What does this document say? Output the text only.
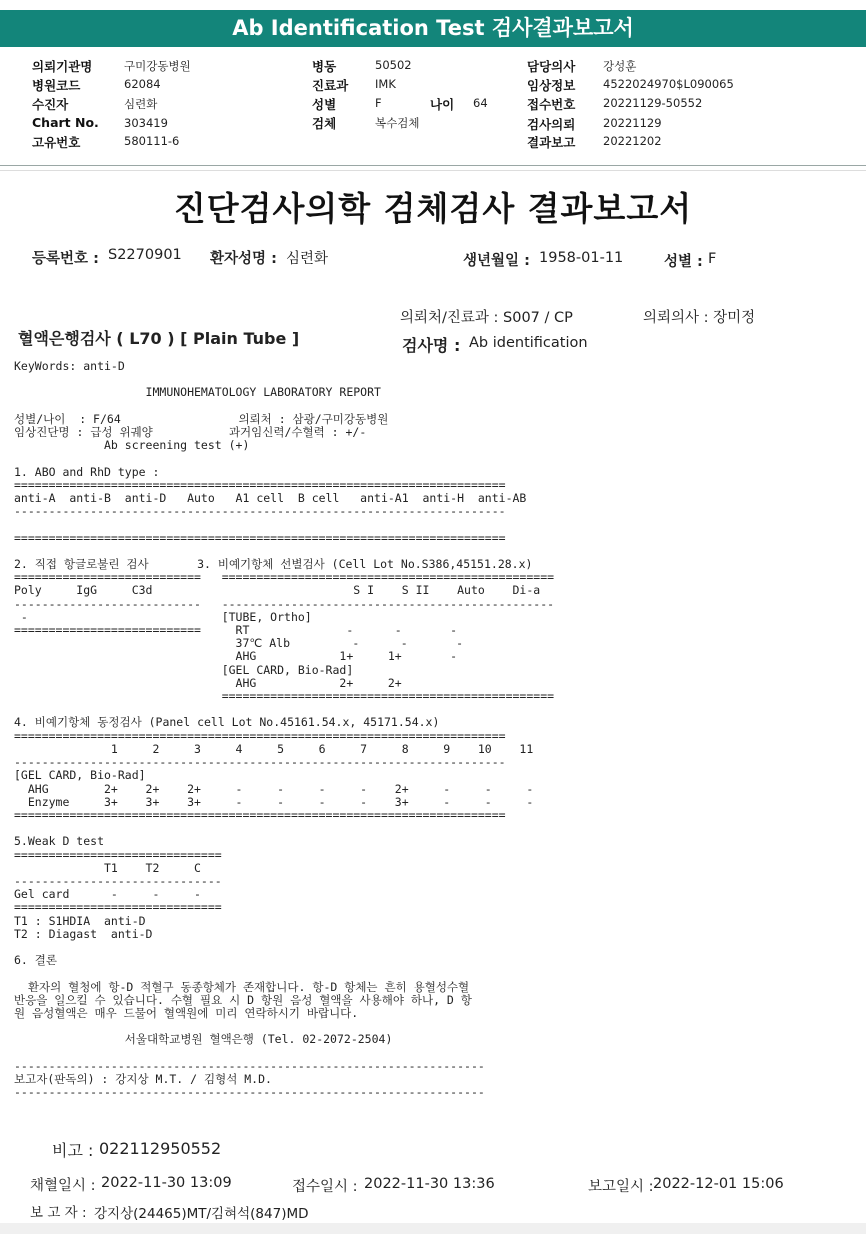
Ab Identification Test 검사결과보고서
의뢰기관명	구미강동병원
병원코드	62084
수진자	심련화
Chart No. 303419
고유번호	580111-6
병동	50502
진료과 IMK
성별	F	나이 64
검체	복수검체
담당의사 강성훈
임상정보 4522024970$L090065
접수번호 20221129-50552
검사의뢰 20221129
결과보고 20221202
진단검사의학 검체검사 결과보고서
등록번호 : S2270901 환자성명 : 심련화	생년월일 : 1958-01-11	성별 : F
의뢰처/진료과 : S007 / CP	의뢰의사 : 장미정
혈액은행검사 ( L70 ) [ Plain Tube ]	검사명 : Ab identification
KeyWords: anti-D

IMMUNOHEMATOLOGY LABORATORY REPORT

성별/나이  : F/64                 의뢰처 : 삼광/구미강동병원
임상진단명 : 급성 위궤양           과거임신력/수혈력 : +/-
Ab screening test (+)

1. ABO and RhD type :
=======================================================================
anti-A  anti-B  anti-D   Auto   A1 cell  B cell   anti-A1  anti-H  anti-AB
-----------------------------------------------------------------------

=======================================================================

2. 직접 항글로불린 검사       3. 비예기항체 선별검사 (Cell Lot No.S386,45151.28.x)
===========================   ================================================
Poly     IgG     C3d                             S I    S II    Auto    Di-a
---------------------------   ------------------------------------------------
-                            [TUBE, Ortho]
===========================     RT              -      -       -
37℃ Alb         -      -       -
AHG            1+     1+       -
[GEL CARD, Bio-Rad]
AHG            2+     2+
================================================

4. 비예기항체 동정검사 (Panel cell Lot No.45161.54.x, 45171.54.x)
=======================================================================
1     2     3     4     5     6     7     8     9    10    11
-----------------------------------------------------------------------
[GEL CARD, Bio-Rad]
AHG        2+    2+    2+     -     -     -     -    2+     -     -     -
Enzyme     3+    3+    3+     -     -     -     -    3+     -     -     -
=======================================================================

5.Weak D test
==============================
T1    T2     C
------------------------------
Gel card      -     -     -
==============================
T1 : S1HDIA  anti-D
T2 : Diagast  anti-D

6. 결론

환자의 혈청에 항-D 적혈구 동종항체가 존재합니다. 항-D 항체는 흔히 용혈성수혈
반응을 일으킬 수 있습니다. 수혈 필요 시 D 항원 음성 혈액을 사용해야 하나, D 항
원 음성혈액은 매우 드물어 혈액원에 미리 연락하시기 바랍니다.

서울대학교병원 혈액은행 (Tel. 02-2072-2504)

--------------------------------------------------------------------
보고자(판독의) : 강지상 M.T. / 김형석 M.D.
--------------------------------------------------------------------
비고 : 022112950552
채혈일시 : 2022-11-30 13:09	접수일시 : 2022-11-30 13:36	보고일시 : 2022-12-01 15:06
보 고 자 : 강지상(24465)MT/김혀석(847)MD
